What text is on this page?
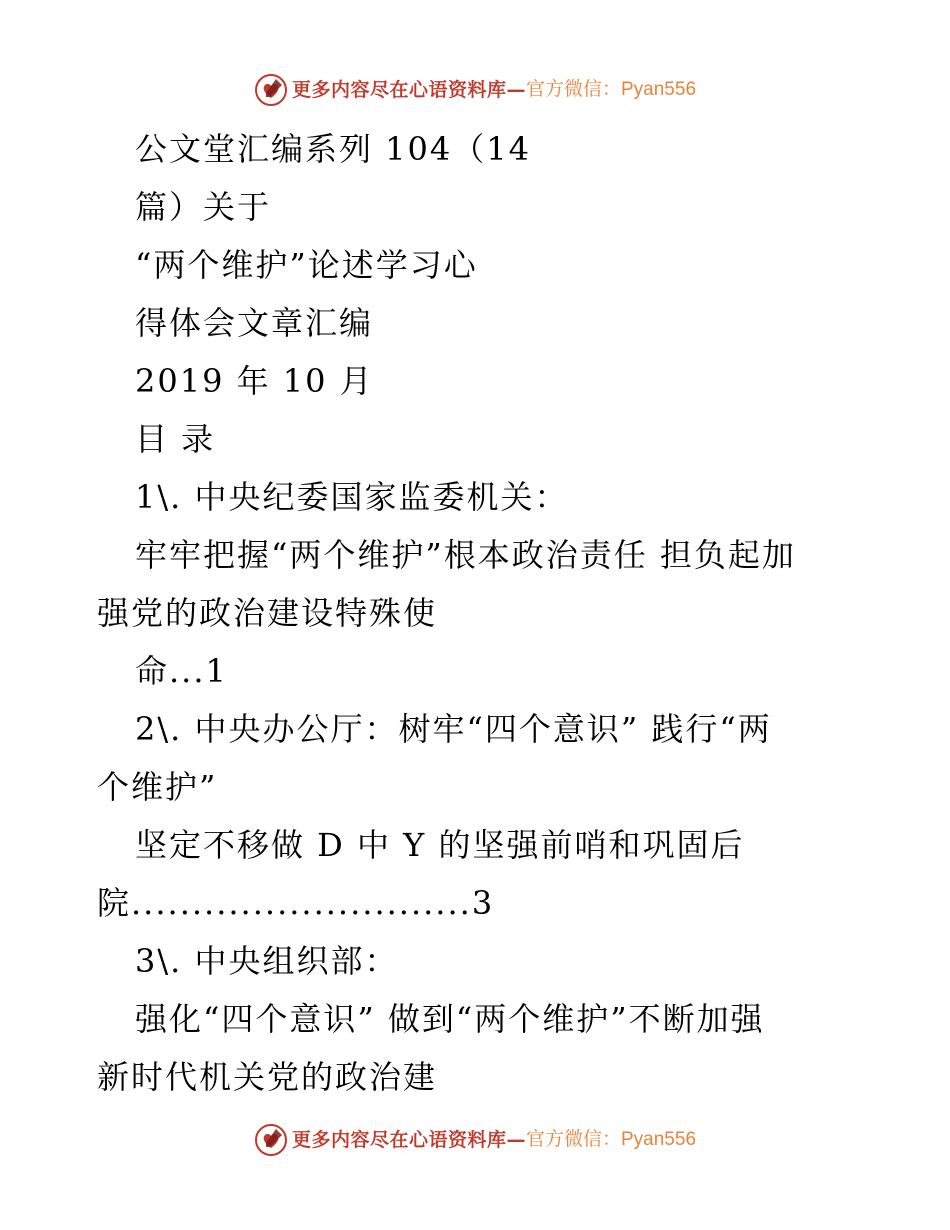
更多内容尽在心语资料库— 官方微信：Pyan556
公文堂汇编系列 104（14
篇）关于
“两个维护”论述学习心
得体会文章汇编
2019 年 10 月
目 录
1\. 中央纪委国家监委机关：
牢牢把握“两个维护”根本政治责任 担负起加
强党的政治建设特殊使
命...1
2\. 中央办公厅：树牢“四个意识” 践行“两
个维护”
坚定不移做 D 中 Y 的坚强前哨和巩固后
院............................3
3\. 中央组织部：
强化“四个意识” 做到“两个维护”不断加强
新时代机关党的政治建
更多内容尽在心语资料库— 官方微信：Pyan556
